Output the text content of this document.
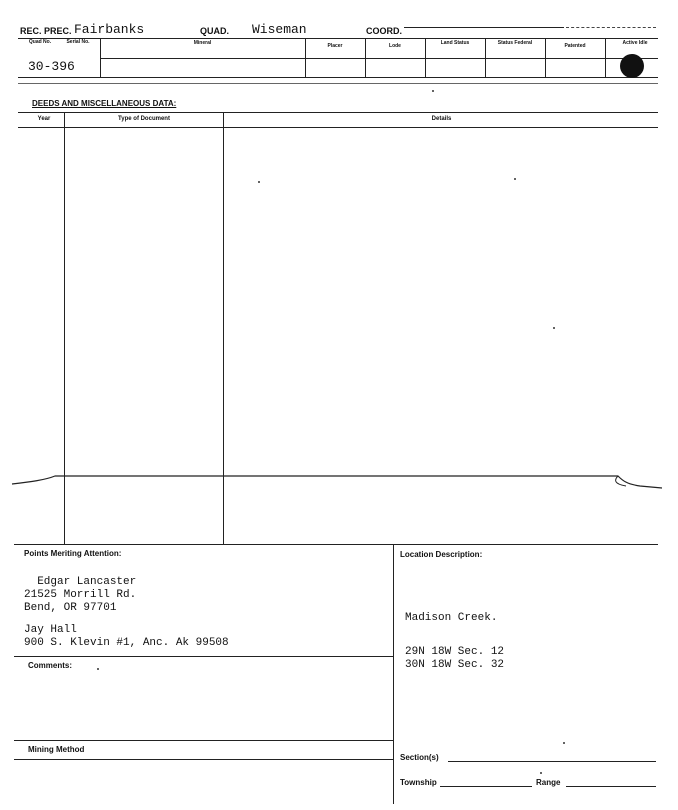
REC. PREC. Fairbanks	QUAD. Wiseman	COORD.
Quad No.	Serial No.	Mineral	Placer	Lode	Land Status	Status Federal	Patented	Active Idle
30-396
DEEDS AND MISCELLANEOUS DATA:
Year	Type of Document	Details
Points Meriting Attention:
Edgar Lancaster
21525 Morrill Rd.
Bend, OR 97701
Jay Hall
900 S. Klevin #1, Anc. Ak 99508
Comments:
Mining Method
Location Description:
Madison Creek.
29N 18W Sec. 12
30N 18W Sec. 32
Section(s)
Township	Range
